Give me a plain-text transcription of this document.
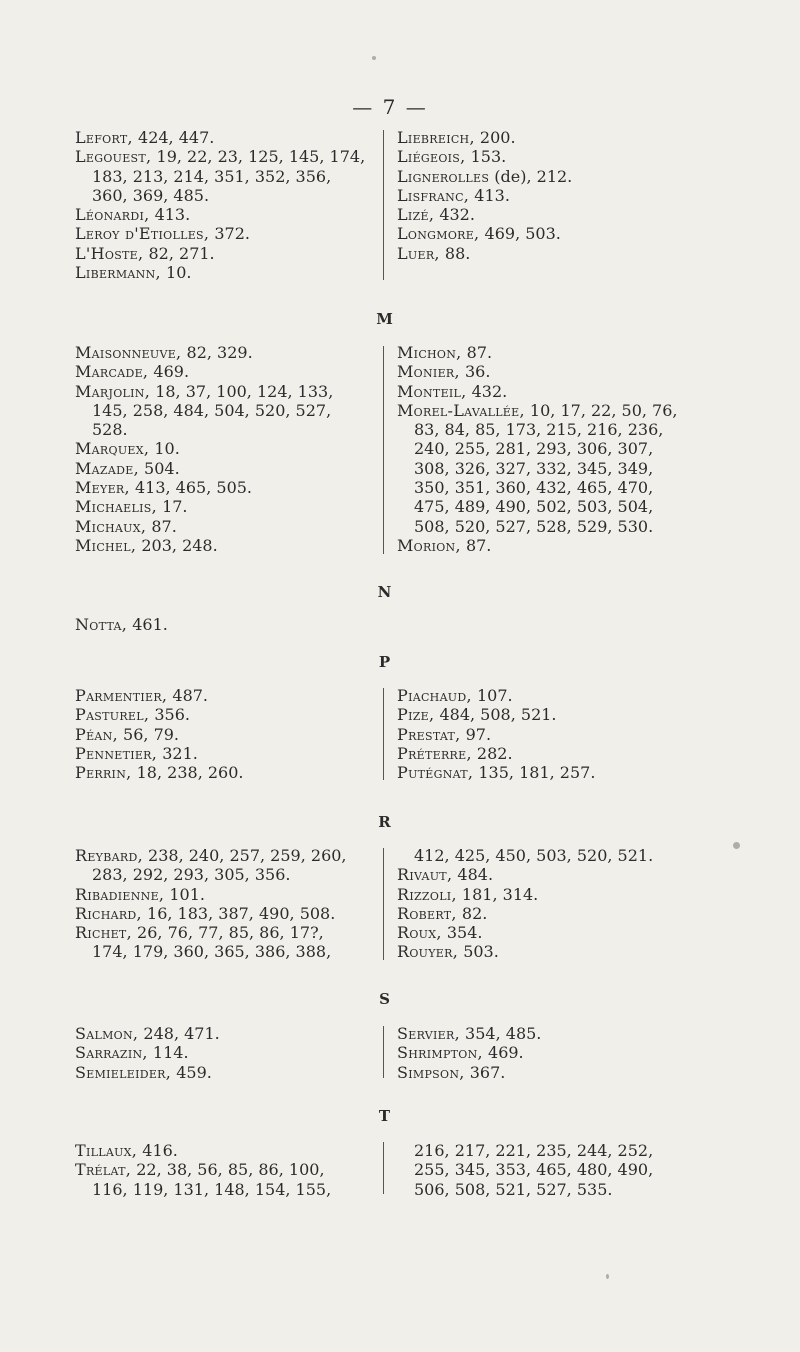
— 7 —
Lefort, 424, 447.
Legouest, 19, 22, 23, 125, 145, 174,
183, 213, 214, 351, 352, 356,
360, 369, 485.
Léonardi, 413.
Leroy d'Etiolles, 372.
L'Hoste, 82, 271.
Libermann, 10.
Liebreich, 200.
Liégeois, 153.
Lignerolles (de), 212.
Lisfranc, 413.
Lizé, 432.
Longmore, 469, 503.
Luer, 88.
M
Maisonneuve, 82, 329.
Marcade, 469.
Marjolin, 18, 37, 100, 124, 133,
145, 258, 484, 504, 520, 527,
528.
Marquex, 10.
Mazade, 504.
Meyer, 413, 465, 505.
Michaelis, 17.
Michaux, 87.
Michel, 203, 248.
Michon, 87.
Monier, 36.
Monteil, 432.
Morel-Lavallée, 10, 17, 22, 50, 76,
83, 84, 85, 173, 215, 216, 236,
240, 255, 281, 293, 306, 307,
308, 326, 327, 332, 345, 349,
350, 351, 360, 432, 465, 470,
475, 489, 490, 502, 503, 504,
508, 520, 527, 528, 529, 530.
Morion, 87.
N
Notta, 461.
P
Parmentier, 487.
Pasturel, 356.
Péan, 56, 79.
Pennetier, 321.
Perrin, 18, 238, 260.
Piachaud, 107.
Pize, 484, 508, 521.
Prestat, 97.
Préterre, 282.
Putégnat, 135, 181, 257.
R
Reybard, 238, 240, 257, 259, 260,
283, 292, 293, 305, 356.
Ribadienne, 101.
Richard, 16, 183, 387, 490, 508.
Richet, 26, 76, 77, 85, 86, 17?,
174, 179, 360, 365, 386, 388,
412, 425, 450, 503, 520, 521.
Rivaut, 484.
Rizzoli, 181, 314.
Robert, 82.
Roux, 354.
Rouyer, 503.
S
Salmon, 248, 471.
Sarrazin, 114.
Semieleider, 459.
Servier, 354, 485.
Shrimpton, 469.
Simpson, 367.
T
Tillaux, 416.
Trélat, 22, 38, 56, 85, 86, 100,
116, 119, 131, 148, 154, 155,
216, 217, 221, 235, 244, 252,
255, 345, 353, 465, 480, 490,
506, 508, 521, 527, 535.
